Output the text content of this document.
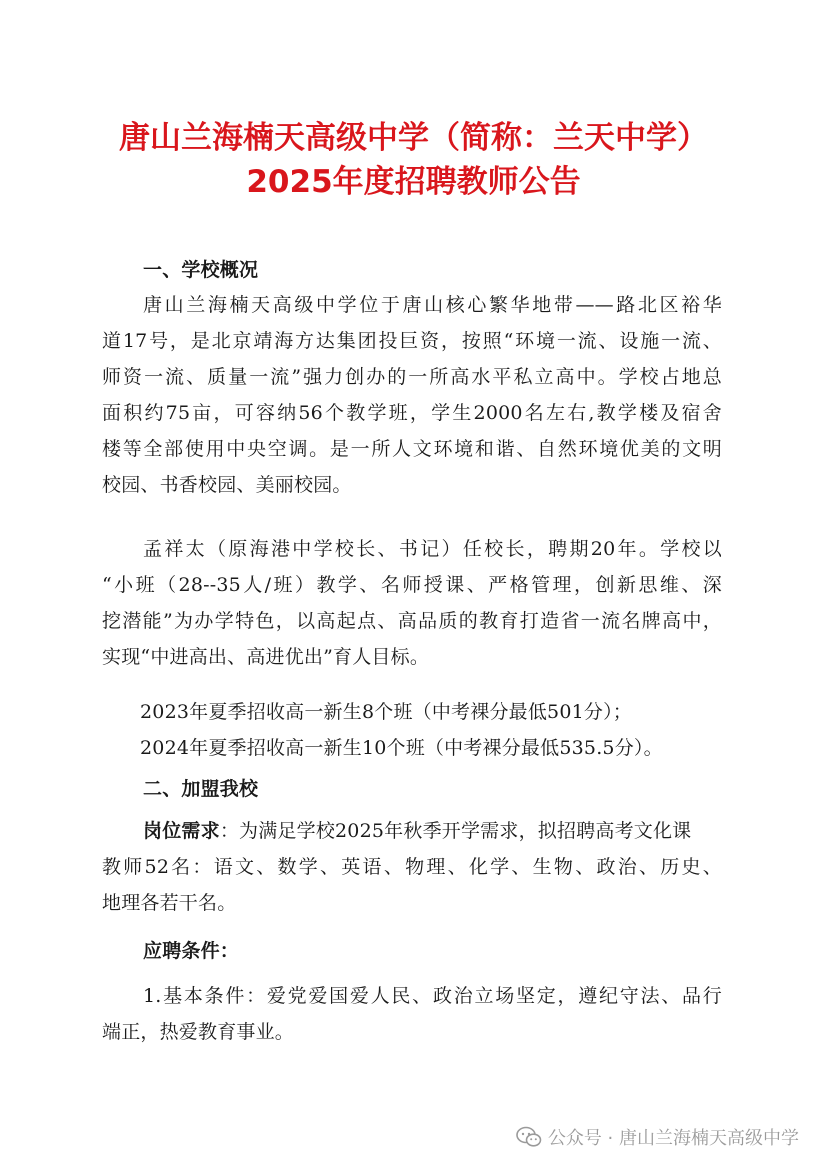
唐山兰海楠天高级中学（简称：兰天中学）
2025年度招聘教师公告
一、学校概况
唐山兰海楠天高级中学位于唐山核心繁华地带——路北区裕华
道17号，是北京靖海方达集团投巨资，按照“环境一流、设施一流、
师资一流、质量一流”强力创办的一所高水平私立高中。学校占地总
面积约75亩，可容纳56个教学班，学生2000名左右,教学楼及宿舍
楼等全部使用中央空调。是一所人文环境和谐、自然环境优美的文明
校园、书香校园、美丽校园。
孟祥太（原海港中学校长、书记）任校长，聘期20年。学校以
“小班（28--35人/班）教学、名师授课、严格管理，创新思维、深
挖潜能”为办学特色，以高起点、高品质的教育打造省一流名牌高中，
实现“中进高出、高进优出”育人目标。
2023年夏季招收高一新生8个班（中考裸分最低501分）；
2024年夏季招收高一新生10个班（中考裸分最低535.5分）。
二、加盟我校
岗位需求：为满足学校2025年秋季开学需求，拟招聘高考文化课
教师52名：语文、数学、英语、物理、化学、生物、政治、历史、
地理各若干名。
应聘条件：
1.基本条件：爱党爱国爱人民、政治立场坚定，遵纪守法、品行
端正，热爱教育事业。
公众号 · 唐山兰海楠天高级中学
